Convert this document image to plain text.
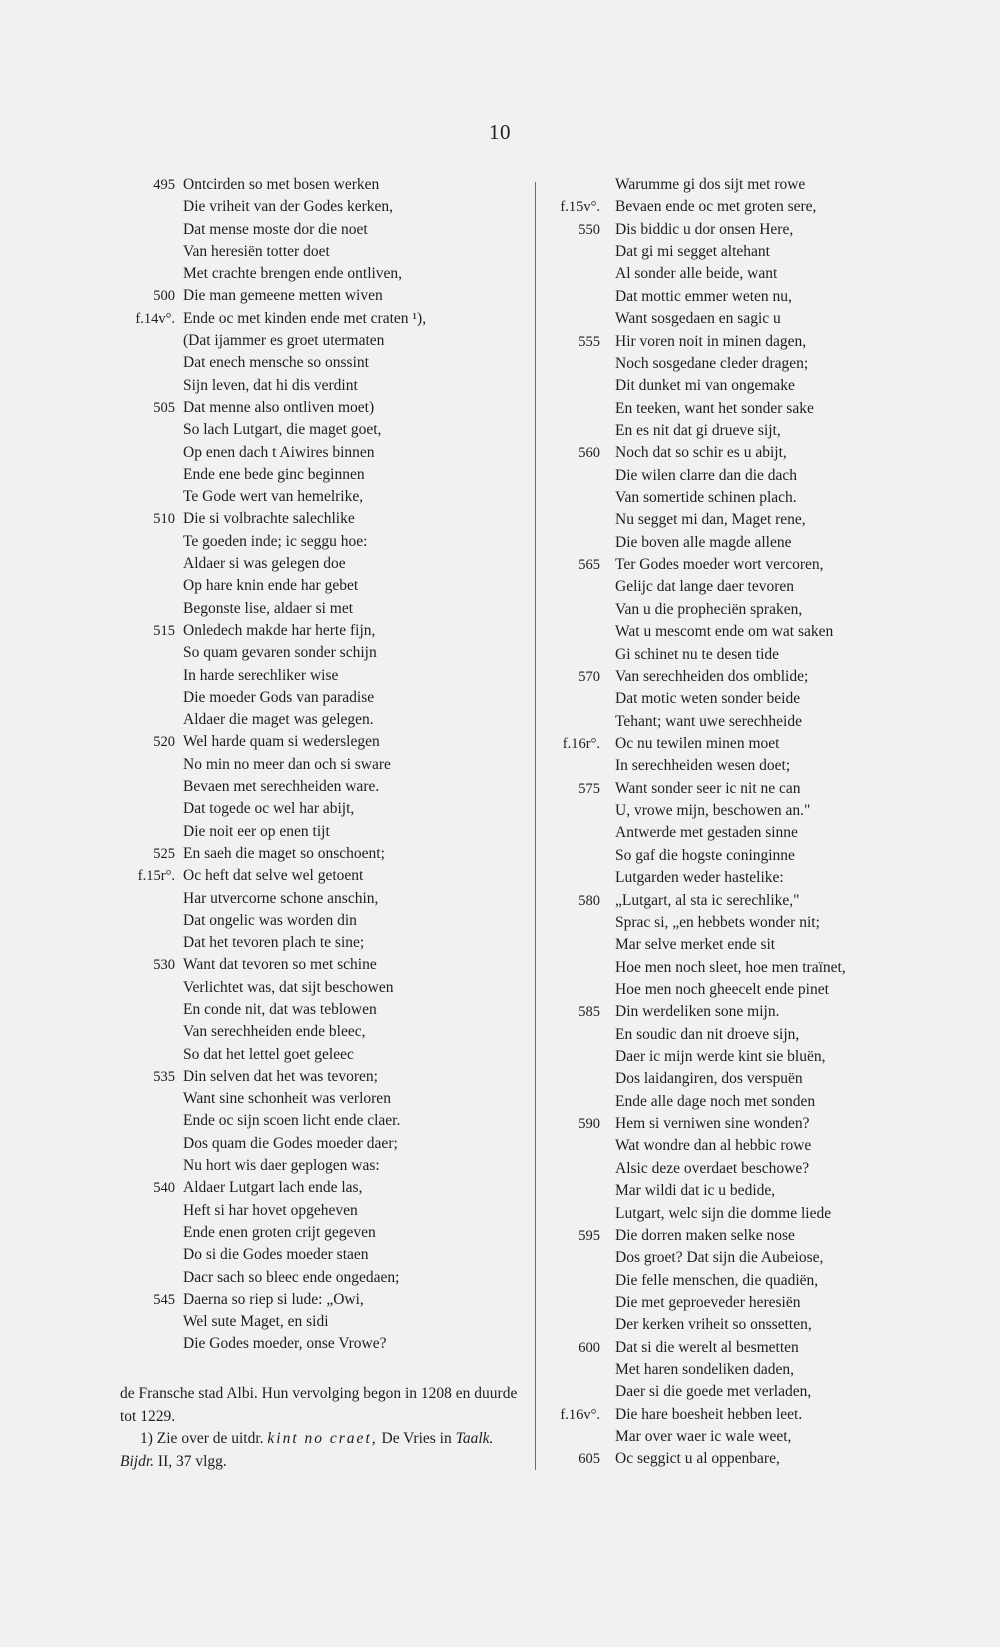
10
495 Ontcirden so met bosen werken
Die vriheit van der Godes kerken,
Dat mense moste dor die noet
Van heresiën totter doet
Met crachte brengen ende ontliven,
500 Die man gemeene metten wiven
f.14v°. Ende oc met kinden ende met craten ¹),
(Dat ijammer es groet utermaten
Dat enech mensche so onssint
Sijn leven, dat hi dis verdint
505 Dat menne also ontliven moet)
So lach Lutgart, die maget goet,
Op enen dach t Aiwires binnen
Ende ene bede ginc beginnen
Te Gode wert van hemelrike,
510 Die si volbrachte salechlike
Te goeden inde; ic seggu hoe:
Aldaer si was gelegen doe
Op hare knin ende har gebet
Begonste lise, aldaer si met
515 Onledech makde har herte fijn,
So quam gevaren sonder schijn
In harde serechliker wise
Die moeder Gods van paradise
Aldaer die maget was gelegen.
520 Wel harde quam si wederslegen
No min no meer dan och si sware
Bevaen met serechheiden ware.
Dat togede oc wel har abijt,
Die noit eer op enen tijt
525 En saeh die maget so onschoent;
f.15r°. Oc heft dat selve wel getoent
Har utvercorne schone anschin,
Dat ongelic was worden din
Dat het tevoren plach te sine;
530 Want dat tevoren so met schine
Verlichtet was, dat sijt beschowen
En conde nit, dat was teblowen
Van serechheiden ende bleec,
So dat het lettel goet geleec
535 Din selven dat het was tevoren;
Want sine schonheit was verloren
Ende oc sijn scoen licht ende claer.
Dos quam die Godes moeder daer;
Nu hort wis daer geplogen was:
540 Aldaer Lutgart lach ende las,
Heft si har hovet opgeheven
Ende enen groten crijt gegeven
Do si die Godes moeder staen
Dacr sach so bleec ende ongedaen;
545 Daerna so riep si lude: „Owi,
Wel sute Maget, en sidi
Die Godes moeder, onse Vrowe?
Warumme gi dos sijt met rowe
f.15v°. Bevaen ende oc met groten sere,
550 Dis biddic u dor onsen Here,
Dat gi mi segget altehant
Al sonder alle beide, want
Dat mottic emmer weten nu,
Want sosgedaen en sagic u
555 Hir voren noit in minen dagen,
Noch sosgedane cleder dragen;
Dit dunket mi van ongemake
En teeken, want het sonder sake
En es nit dat gi drueve sijt,
560 Noch dat so schir es u abijt,
Die wilen clarre dan die dach
Van somertide schinen plach.
Nu segget mi dan, Maget rene,
Die boven alle magde allene
565 Ter Godes moeder wort vercoren,
Gelijc dat lange daer tevoren
Van u die propheciën spraken,
Wat u mescomt ende om wat saken
Gi schinet nu te desen tide
570 Van serechheiden dos omblide;
Dat motic weten sonder beide
Tehant; want uwe serechheide
f.16r°. Oc nu tewilen minen moet
In serechheiden wesen doet;
575 Want sonder seer ic nit ne can
U, vrowe mijn, beschowen an."
Antwerde met gestaden sinne
So gaf die hogste coninginne
Lutgarden weder hastelike:
580 „Lutgart, al sta ic serechlike,"
Sprac si, „en hebbets wonder nit;
Mar selve merket ende sit
Hoe men noch sleet, hoe men traïnet,
Hoe men noch gheecelt ende pinet
585 Din werdeliken sone mijn.
En soudic dan nit droeve sijn,
Daer ic mijn werde kint sie bluën,
Dos laidangiren, dos verspuën
Ende alle dage noch met sonden
590 Hem si verniwen sine wonden?
Wat wondre dan al hebbic rowe
Alsic deze overdaet beschowe?
Mar wildi dat ic u bedide,
Lutgart, welc sijn die domme liede
595 Die dorren maken selke nose
Dos groet? Dat sijn die Aubeiose,
Die felle menschen, die quadiën,
Die met geproeveder heresiën
Der kerken vriheit so onssetten,
600 Dat si die werelt al besmetten
Met haren sondeliken daden,
Daer si die goede met verladen,
f.16v°. Die hare boesheit hebben leet.
Mar over waer ic wale weet,
605 Oc seggict u al oppenbare,

de Fransche stad Albi. Hun vervolging begon in 1208 en duurde tot 1229.

1) Zie over de uitdr. kint no craet, De Vries in Taalk. Bijdr. II, 37 vlgg.
